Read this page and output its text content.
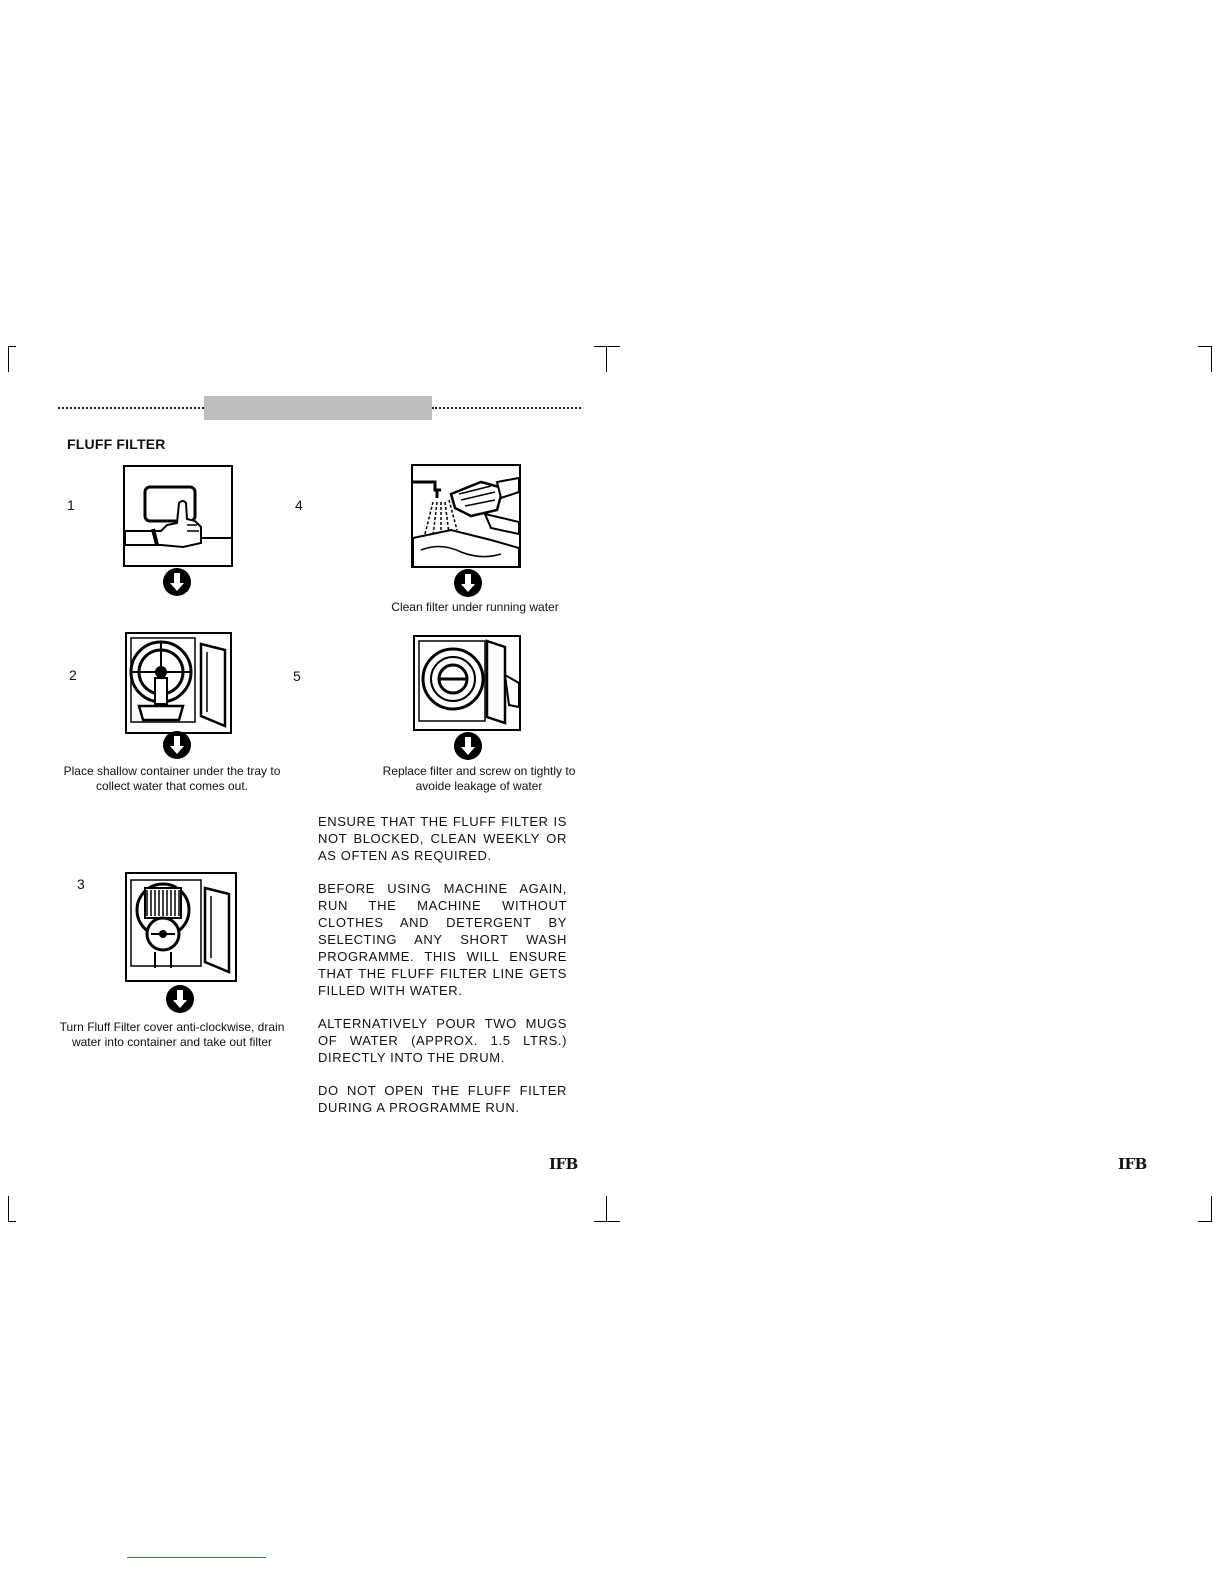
FLUFF FILTER
1
2
3
4
5
Place shallow container under the tray to
collect water that comes out.
Turn Fluff Filter cover anti-clockwise, drain
water into container and take out filter
Clean filter under running water
Replace filter and screw on tightly to
avoide leakage of water

ENSURE THAT THE FLUFF FILTER IS NOT BLOCKED, CLEAN WEEKLY OR AS OFTEN AS REQUIRED.

BEFORE USING MACHINE AGAIN, RUN THE MACHINE WITHOUT CLOTHES AND DETERGENT BY SELECTING ANY SHORT WASH PROGRAMME. THIS WILL ENSURE THAT THE FLUFF FILTER LINE GETS FILLED WITH WATER.

ALTERNATIVELY POUR TWO MUGS OF WATER (APPROX. 1.5 LTRS.) DIRECTLY INTO THE DRUM.

DO NOT OPEN THE FLUFF FILTER DURING A PROGRAMME RUN.

IFB	IFB
